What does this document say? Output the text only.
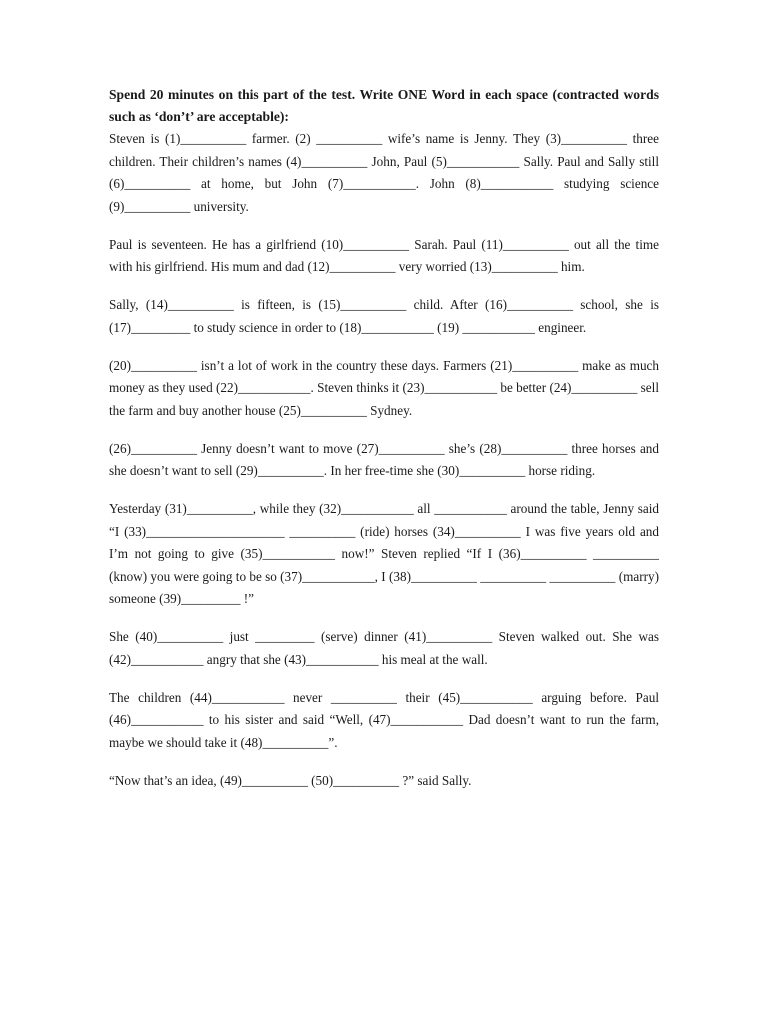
Spend 20 minutes on this part of the test. Write ONE Word in each space (contracted words such as ‘don’t’ are acceptable):

Steven is (1)__________ farmer. (2) __________ wife’s name is Jenny. They (3)__________ three children. Their children’s names (4)__________ John, Paul (5)___________ Sally. Paul and Sally still (6)__________ at home, but John (7)___________. John (8)___________ studying science (9)__________ university.

Paul is seventeen. He has a girlfriend (10)__________ Sarah. Paul (11)__________ out all the time with his girlfriend. His mum and dad (12)__________ very worried (13)__________ him.

Sally, (14)__________ is fifteen, is (15)__________ child. After (16)__________ school, she is (17)_________ to study science in order to (18)___________ (19) ___________ engineer.

(20)__________ isn’t a lot of work in the country these days. Farmers (21)__________ make as much money as they used (22)___________. Steven thinks it (23)___________ be better (24)__________ sell the farm and buy another house (25)__________ Sydney.

(26)__________ Jenny doesn’t want to move (27)__________ she’s (28)__________ three horses and she doesn’t want to sell (29)__________. In her free-time she (30)__________ horse riding.

Yesterday (31)__________, while they (32)___________ all ___________ around the table, Jenny said “I (33)_____________________ __________ (ride) horses (34)__________ I was five years old and I’m not going to give (35)___________ now!” Steven replied “If I (36)__________ __________ (know) you were going to be so (37)___________, I (38)__________ __________ __________ (marry) someone (39)_________ !”

She (40)__________ just _________ (serve) dinner (41)__________ Steven walked out. She was (42)___________ angry that she (43)___________ his meal at the wall.

The children (44)___________ never __________ their (45)___________ arguing before. Paul (46)___________ to his sister and said “Well, (47)___________ Dad doesn’t want to run the farm, maybe we should take it (48)__________”.

“Now that’s an idea, (49)__________ (50)__________ ?” said Sally.
